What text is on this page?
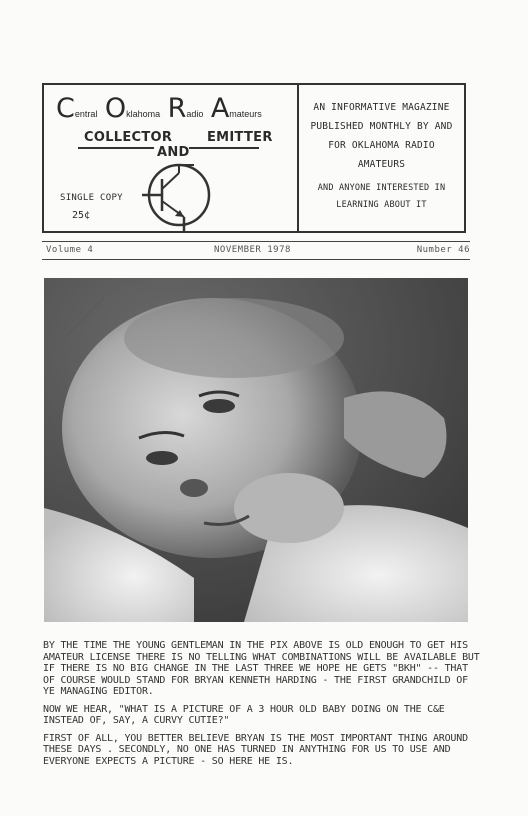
Central Oklahoma Radio Amateurs
COLLECTOR
AND
EMITTER
SINGLE COPY
25¢
AN INFORMATIVE MAGAZINE
PUBLISHED MONTHLY BY AND
FOR OKLAHOMA RADIO
AMATEURS
AND ANYONE INTERESTED IN
LEARNING ABOUT IT
Volume 4	NOVEMBER 1978	Number 46

BY THE TIME THE YOUNG GENTLEMAN IN THE PIX ABOVE IS OLD ENOUGH TO GET HIS AMATEUR LICENSE THERE IS NO TELLING WHAT COMBINATIONS WILL BE AVAILABLE BUT IF THERE IS NO BIG CHANGE IN THE LAST THREE WE HOPE HE GETS "BKH" -- THAT OF COURSE WOULD STAND FOR BRYAN KENNETH HARDING - THE FIRST GRANDCHILD OF YE MANAGING EDITOR.

NOW WE HEAR, "WHAT IS A PICTURE OF A 3 HOUR OLD BABY DOING ON THE C&E INSTEAD OF, SAY, A CURVY CUTIE?"

FIRST OF ALL, YOU BETTER BELIEVE BRYAN IS THE MOST IMPORTANT THING AROUND THESE DAYS . SECONDLY, NO ONE HAS TURNED IN ANYTHING FOR US TO USE AND EVERYONE EXPECTS A PICTURE - SO HERE HE IS.
